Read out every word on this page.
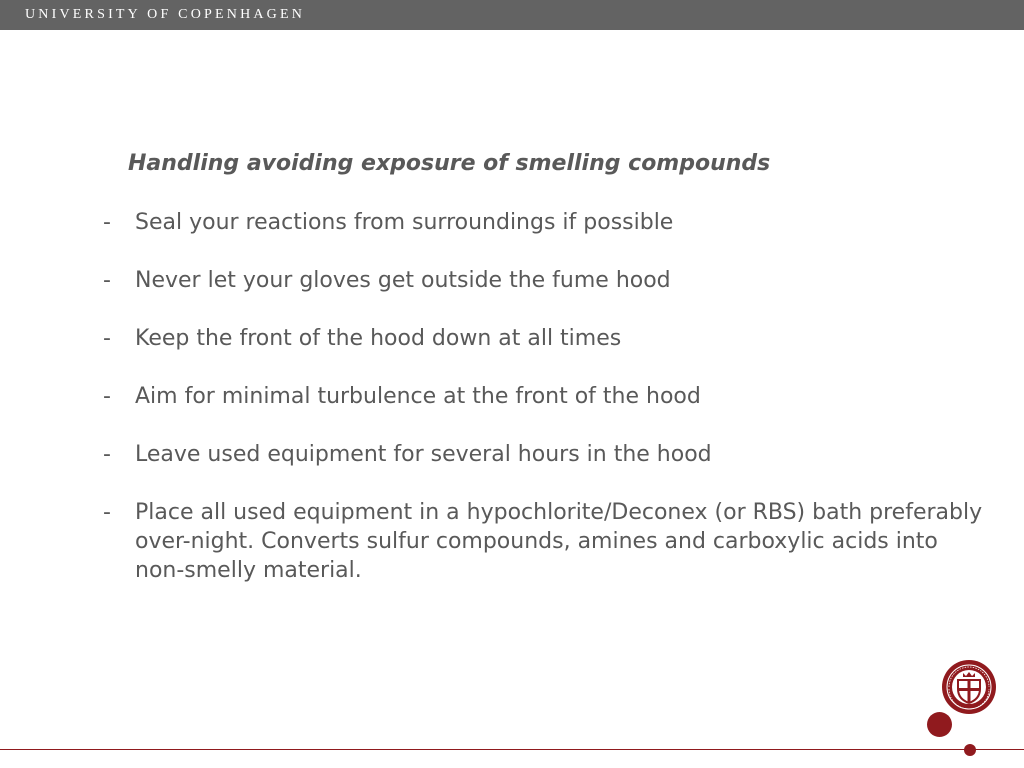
UNIVERSITY OF COPENHAGEN
Handling avoiding exposure of smelling compounds
- Seal your reactions from surroundings if possible
- Never let your gloves get outside the fume hood
- Keep the front of the hood down at all times
- Aim for minimal turbulence at the front of the hood
- Leave used equipment for several hours in the hood
- Place all used equipment in a hypochlorite/Deconex (or RBS) bath preferably over-night. Converts sulfur compounds, amines and carboxylic acids into non-smelly material.
